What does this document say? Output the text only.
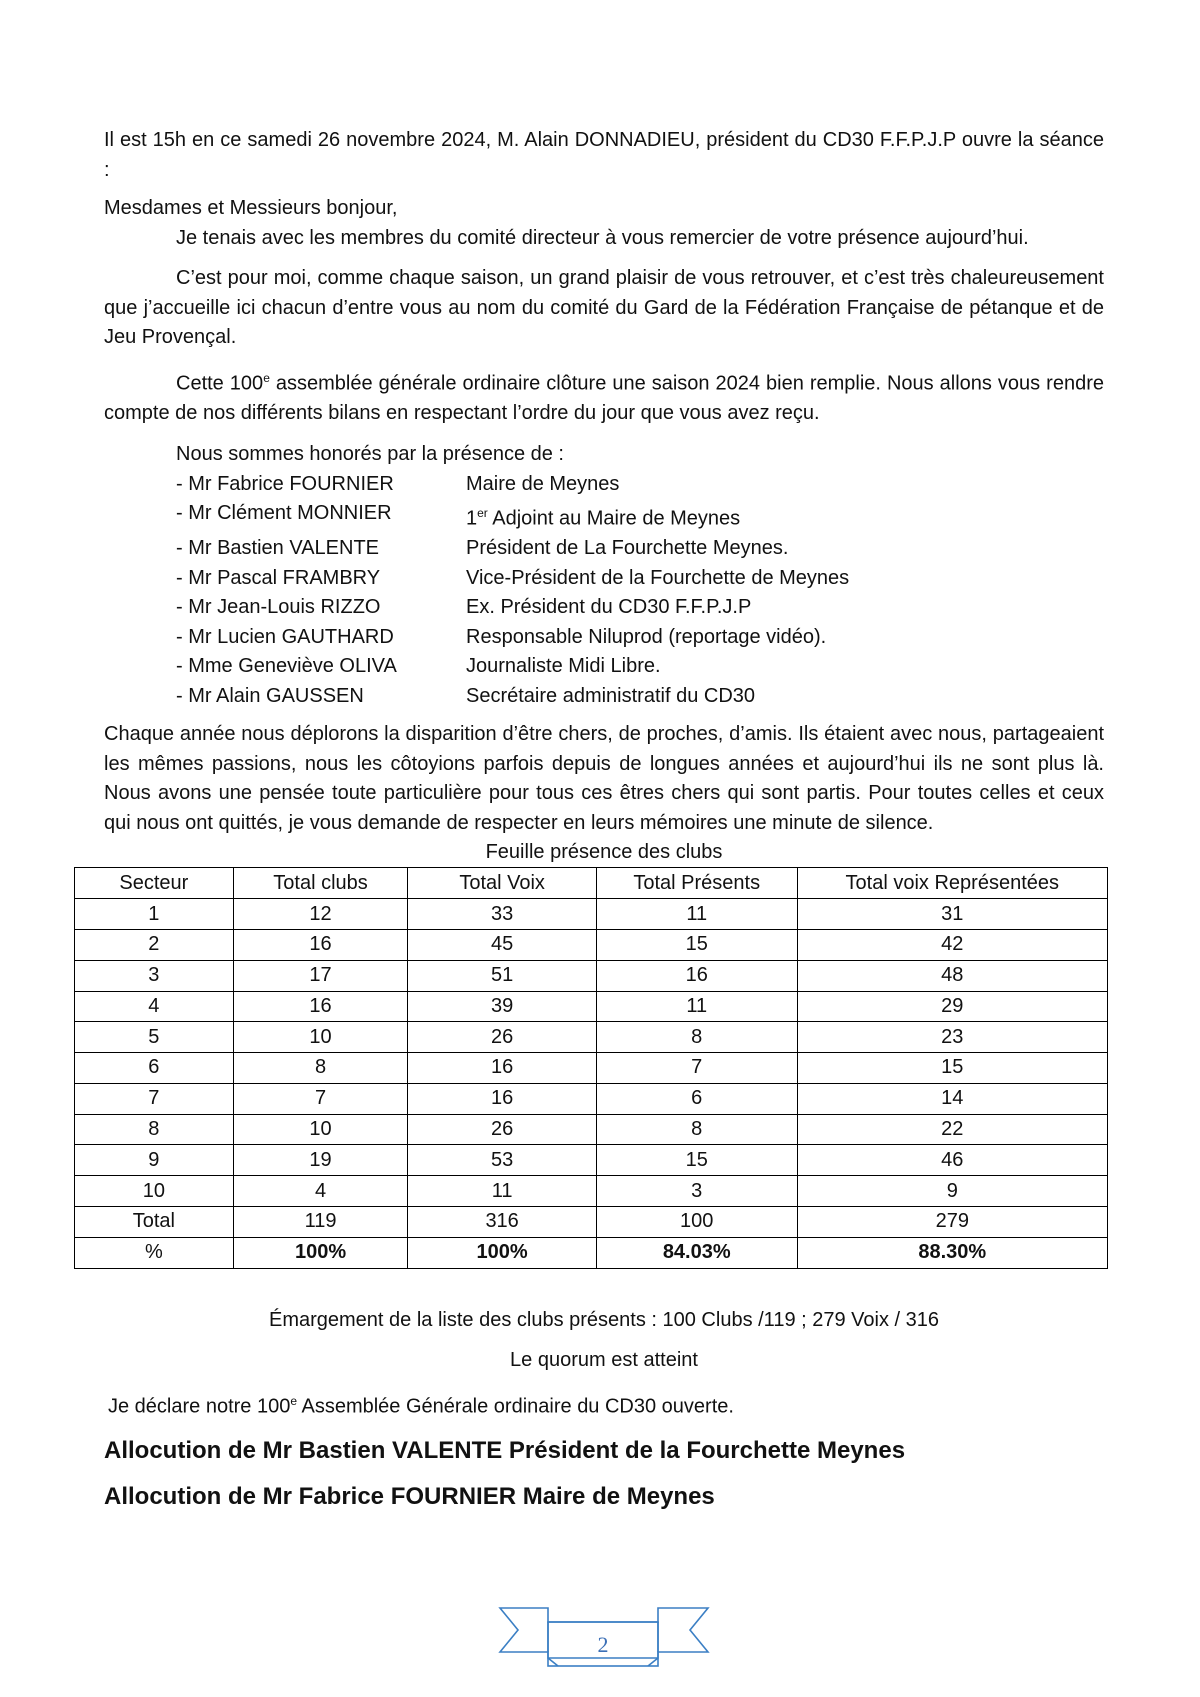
Il est 15h en ce samedi 26 novembre 2024, M. Alain DONNADIEU, président du CD30 F.F.P.J.P ouvre la séance :

Mesdames et Messieurs bonjour,

Je tenais avec les membres du comité directeur à vous remercier de votre présence aujourd’hui.

C’est pour moi, comme chaque saison, un grand plaisir de vous retrouver, et c’est très chaleureusement que j’accueille ici chacun d’entre vous au nom du comité du Gard de la Fédération Française de pétanque et de Jeu Provençal.

Cette 100e assemblée générale ordinaire clôture une saison 2024 bien remplie. Nous allons vous rendre compte de nos différents bilans en respectant l’ordre du jour que vous avez reçu.

Nous sommes honorés par la présence de :
- Mr Fabrice FOURNIER	Maire de Meynes
- Mr Clément MONNIER	1er Adjoint au Maire de Meynes
- Mr Bastien VALENTE	Président de La Fourchette Meynes.
- Mr Pascal FRAMBRY	Vice-Président de la Fourchette de Meynes
- Mr Jean-Louis RIZZO	Ex. Président du CD30 F.F.P.J.P
- Mr Lucien GAUTHARD	Responsable Niluprod (reportage vidéo).
- Mme Geneviève OLIVA	Journaliste Midi Libre.
- Mr Alain GAUSSEN	Secrétaire administratif du CD30

Chaque année nous déplorons la disparition d’être chers, de proches, d’amis. Ils étaient avec nous, partageaient les mêmes passions, nous les côtoyions parfois depuis de longues années et aujourd’hui ils ne sont plus là. Nous avons une pensée toute particulière pour tous ces êtres chers qui sont partis. Pour toutes celles et ceux qui nous ont quittés, je vous demande de respecter en leurs mémoires une minute de silence.

Feuille présence des clubs
Secteur	Total clubs	Total Voix	Total Présents	Total voix Représentées
1	12	33	11	31
2	16	45	15	42
3	17	51	16	48
4	16	39	11	29
5	10	26	8	23
6	8	16	7	15
7	7	16	6	14
8	10	26	8	22
9	19	53	15	46
10	4	11	3	9
Total	119	316	100	279
%	100%	100%	84.03%	88.30%

Émargement de la liste des clubs présents : 100 Clubs /119 ; 279 Voix / 316

Le quorum est atteint

Je déclare notre 100e Assemblée Générale ordinaire du CD30 ouverte.

Allocution de Mr Bastien VALENTE Président de la Fourchette Meynes
Allocution de Mr Fabrice FOURNIER Maire de Meynes
2
